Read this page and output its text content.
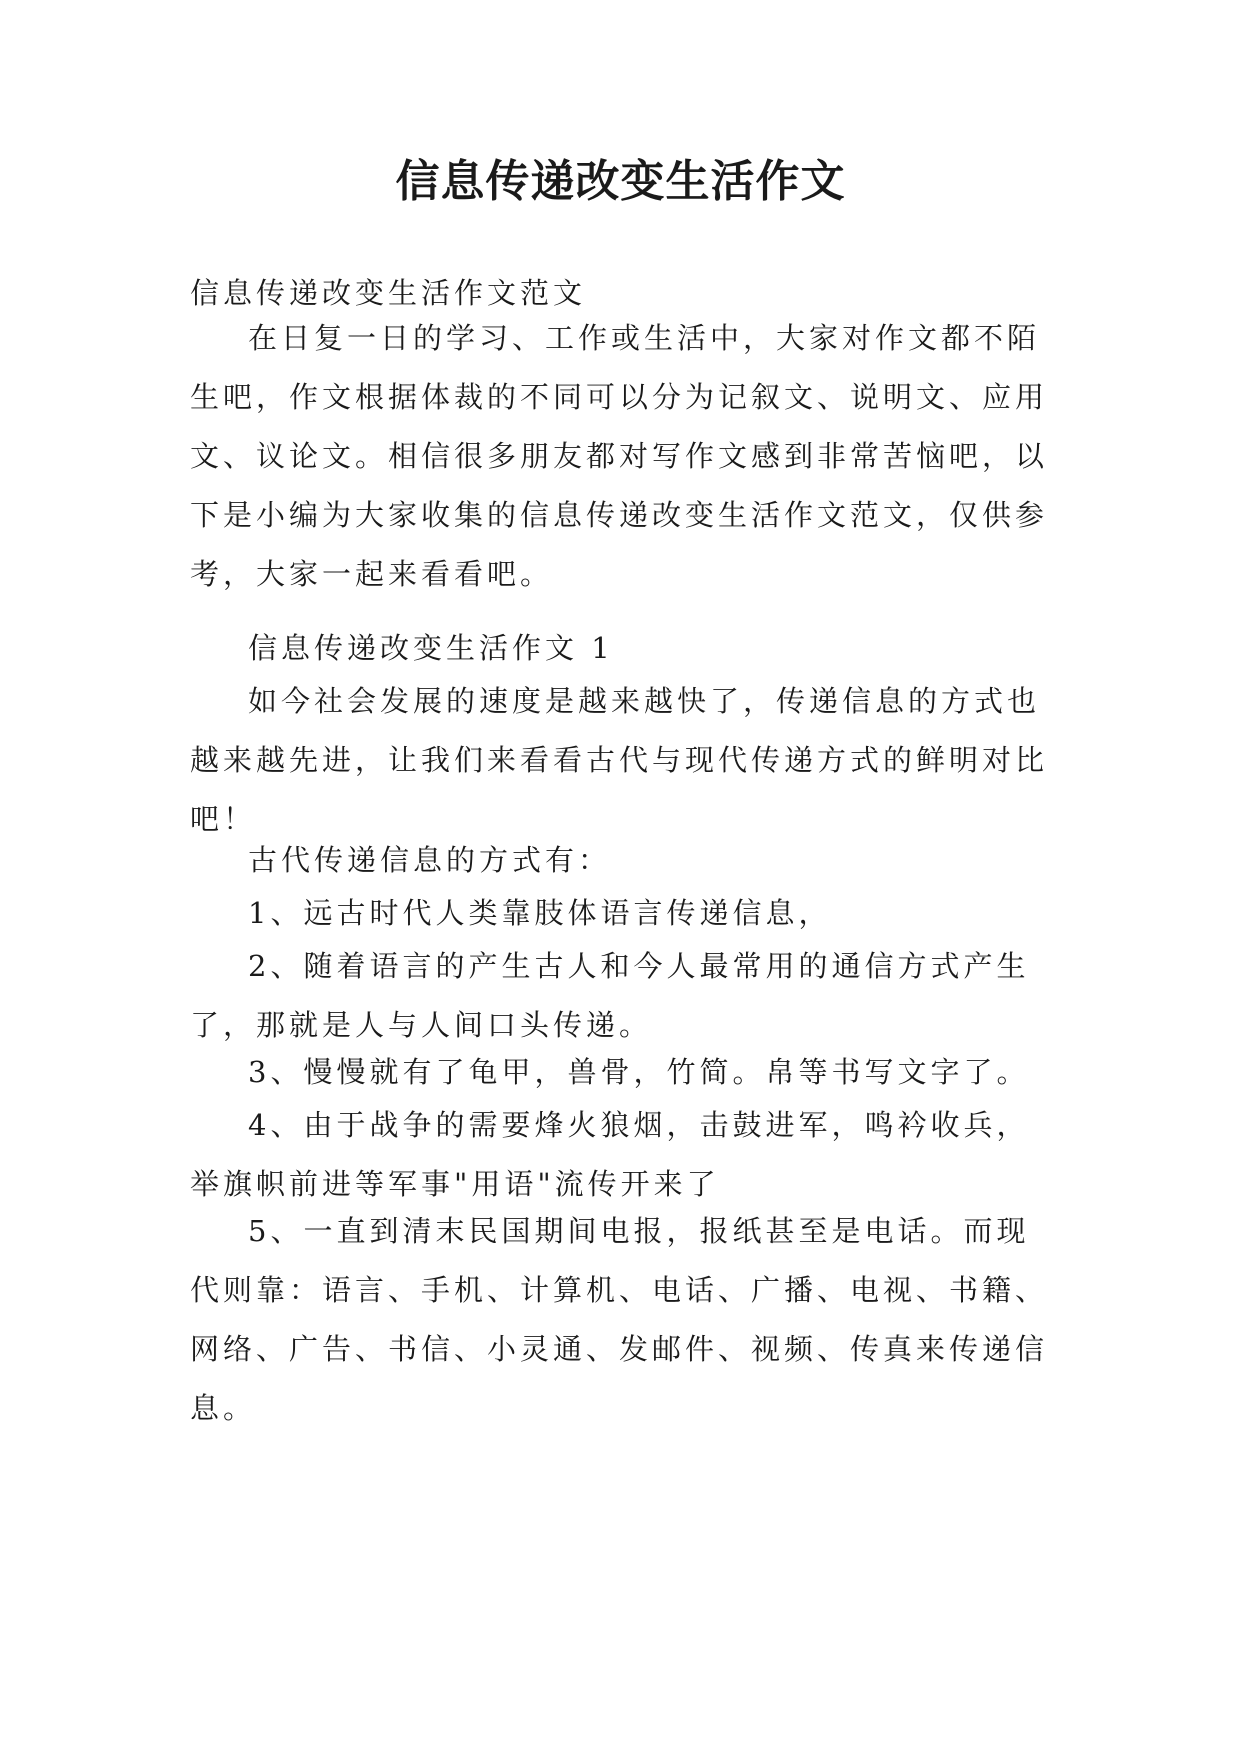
信息传递改变生活作文
信息传递改变生活作文范文
在日复一日的学习、工作或生活中，大家对作文都不陌生吧，作文根据体裁的不同可以分为记叙文、说明文、应用文、议论文。相信很多朋友都对写作文感到非常苦恼吧，以下是小编为大家收集的信息传递改变生活作文范文，仅供参考，大家一起来看看吧。
信息传递改变生活作文 1
如今社会发展的速度是越来越快了，传递信息的方式也越来越先进，让我们来看看古代与现代传递方式的鲜明对比吧！
古代传递信息的方式有：
1、远古时代人类靠肢体语言传递信息，
2、随着语言的产生古人和今人最常用的通信方式产生了，那就是人与人间口头传递。
3、慢慢就有了龟甲，兽骨，竹简。帛等书写文字了。
4、由于战争的需要烽火狼烟，击鼓进军，鸣衿收兵，举旗帜前进等军事"用语"流传开来了
5、一直到清末民国期间电报，报纸甚至是电话。而现代则靠：语言、手机、计算机、电话、广播、电视、书籍、网络、广告、书信、小灵通、发邮件、视频、传真来传递信息。
